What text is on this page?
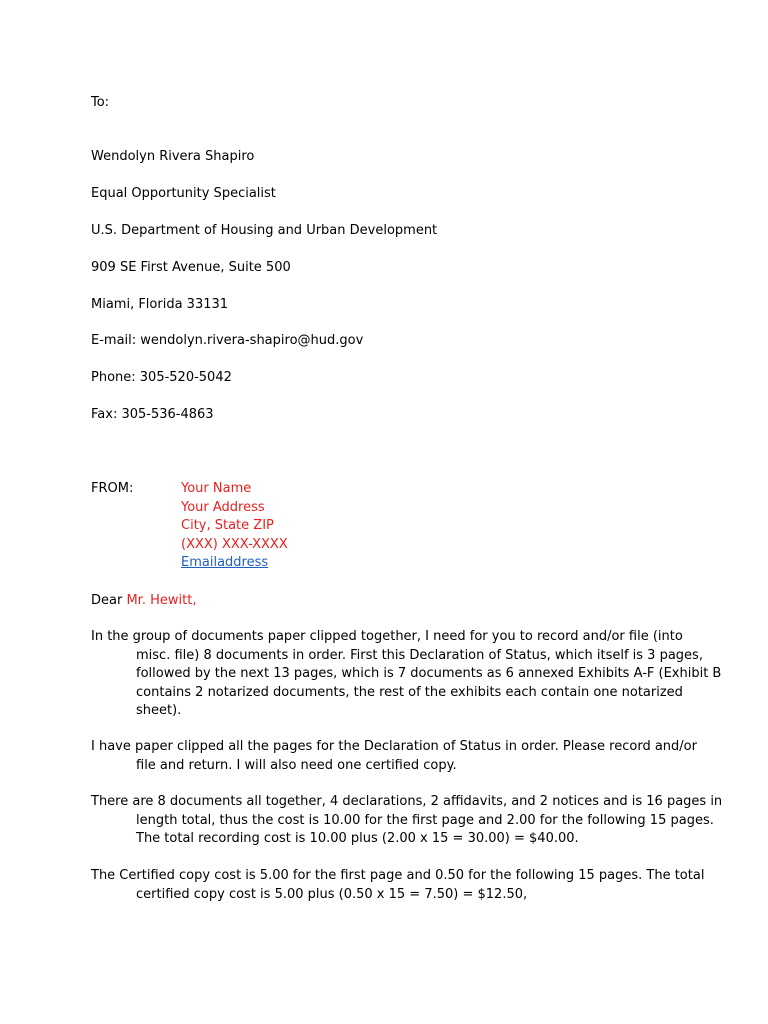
To:
Wendolyn Rivera Shapiro
Equal Opportunity Specialist
U.S. Department of Housing and Urban Development
909 SE First Avenue, Suite 500
Miami, Florida 33131
E-mail: wendolyn.rivera-shapiro@hud.gov
Phone: 305-520-5042
Fax: 305-536-4863
FROM:	Your Name
Your Address
City, State ZIP
(XXX) XXX-XXXX
Emailaddress
Dear Mr. Hewitt,
In the group of documents paper clipped together, I need for you to record and/or file (into
misc. file) 8 documents in order. First this Declaration of Status, which itself is 3 pages,
followed by the next 13 pages, which is 7 documents as 6 annexed Exhibits A-F (Exhibit B
contains 2 notarized documents, the rest of the exhibits each contain one notarized
sheet).
I have paper clipped all the pages for the Declaration of Status in order. Please record and/or
file and return. I will also need one certified copy.
There are 8 documents all together, 4 declarations, 2 affidavits, and 2 notices and is 16 pages in
length total, thus the cost is 10.00 for the first page and 2.00 for the following 15 pages.
The total recording cost is 10.00 plus (2.00 x 15 = 30.00) = $40.00.
The Certified copy cost is 5.00 for the first page and 0.50 for the following 15 pages. The total
certified copy cost is 5.00 plus (0.50 x 15 = 7.50) = $12.50,
